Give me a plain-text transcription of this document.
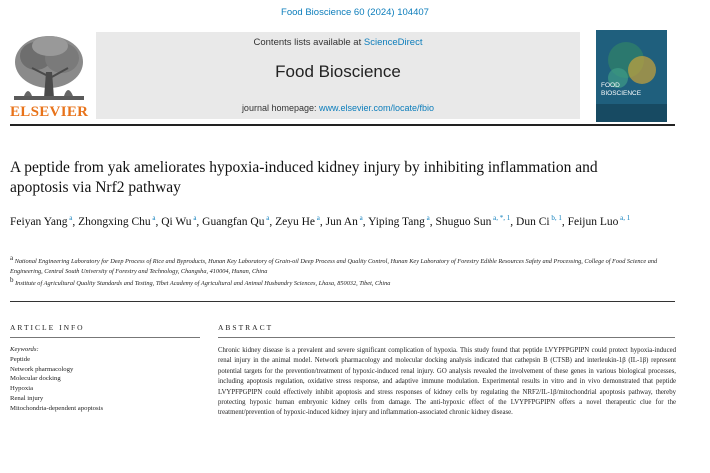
Food Bioscience 60 (2024) 104407
ELSEVIER
Contents lists available at ScienceDirect
Food Bioscience
journal homepage: www.elsevier.com/locate/fbio
FOOD
BIOSCIENCE
A peptide from yak ameliorates hypoxia-induced kidney injury by inhibiting inflammation and apoptosis via Nrf2 pathway
Feiyan Yang $^a$, Zhongxing Chu $^a$, Qi Wu $^a$, Guangfan Qu $^a$, Zeyu He $^a$, Jun An $^a$, Yiping Tang $^a$, Shuguo Sun $^{a, *, 1}$, Dun Ci $^{b, 1}$, Feijun Luo $^{a, 1}$
$^a$ National Engineering Laboratory for Deep Process of Rice and Byproducts, Hunan Key Laboratory of Grain-oil Deep Process and Quality Control, Hunan Key Laboratory of Forestry Edible Resources Safety and Processing, College of Food Science and Engineering, Central South University of Forestry and Technology, Changsha, 410004, Hunan, China
$^b$ Institute of Agricultural Quality Standards and Testing, Tibet Academy of Agricultural and Animal Husbandry Sciences, Lhasa, 850032, Tibet, China
ARTICLE INFO	ABSTRACT
Keywords:
Peptide
Network pharmacology
Molecular docking
Hypoxia
Renal injury
Mitochondria-dependent apoptosis
Chronic kidney disease is a prevalent and severe significant complication of hypoxia. This study found that peptide LVYPFPGPIPN could protect hypoxia-induced renal injury in the animal model. Network pharmacology and molecular docking analysis indicated that cathepsin B (CTSB) and interleukin-1β (IL-1β) represent potential targets for the prevention/treatment of hypoxic-induced renal injury. GO analysis revealed the involvement of these genes in various biological processes, including apoptosis regulation, oxidative stress response, and adaptive immune modulation. Experimental results in vitro and in vivo demonstrated that peptide LVYPFPGPIPN could effectively inhibit apoptosis and stress responses of kidney cells by regulating the NRF2/IL-1β/mitochondrial apoptosis pathway, thereby protecting hypoxic human embryonic kidney cells from damage. The anti-hypoxic effect of the LVYPFPGPIPN offers a novel therapeutic clue for the treatment/prevention of hypoxic-induced kidney injury and inflammation-associated chronic kidney disease.
